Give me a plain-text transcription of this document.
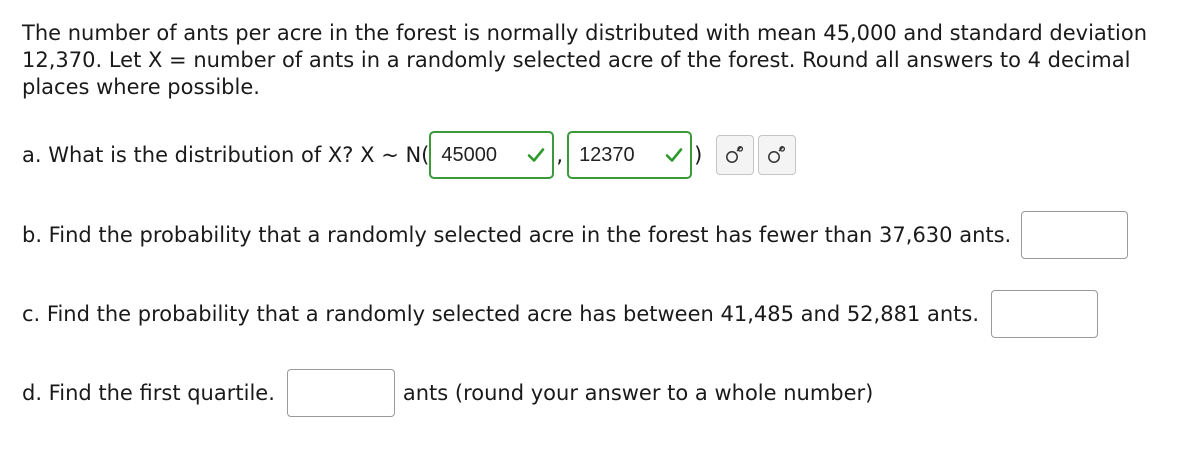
The number of ants per acre in the forest is normally distributed with mean 45,000 and standard deviation

12,370. Let X = number of ants in a randomly selected acre of the forest. Round all answers to 4 decimal

places where possible.

a. What is the distribution of X? X ~ N( 45000	, 12370	)
b. Find the probability that a randomly selected acre in the forest has fewer than 37,630 ants.
c. Find the probability that a randomly selected acre has between 41,485 and 52,881 ants.
d. Find the first quartile.	ants (round your answer to a whole number)
